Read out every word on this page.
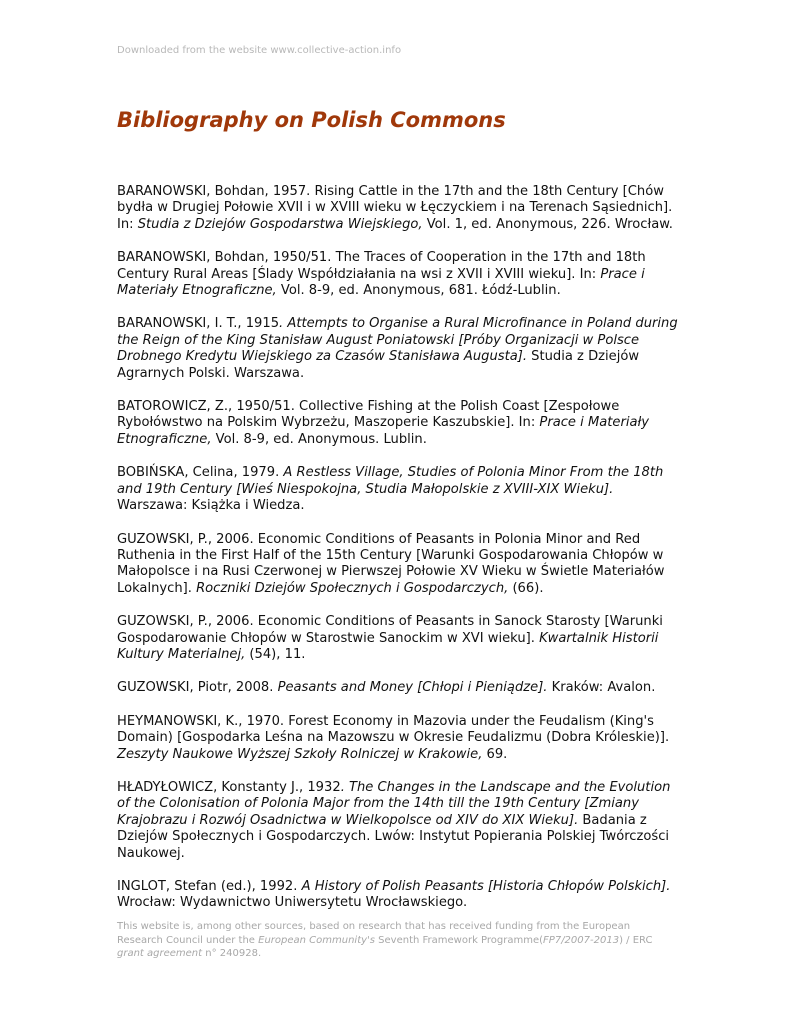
Downloaded from the website www.collective-action.info
Bibliography on Polish Commons

BARANOWSKI, Bohdan, 1957. Rising Cattle in the 17th and the 18th Century [Chów bydła w Drugiej Połowie XVII i w XVIII wieku w Łęczyckiem i na Terenach Sąsiednich]. In: Studia z Dziejów Gospodarstwa Wiejskiego, Vol. 1, ed. Anonymous, 226. Wrocław.

BARANOWSKI, Bohdan, 1950/51. The Traces of Cooperation in the 17th and 18th Century Rural Areas [Ślady Współdziałania na wsi z XVII i XVIII wieku]. In: Prace i Materiały Etnograficzne, Vol. 8-9, ed. Anonymous, 681. Łódź-Lublin.

BARANOWSKI, I. T., 1915. Attempts to Organise a Rural Microfinance in Poland during the Reign of the King Stanisław August Poniatowski [Próby Organizacji w Polsce Drobnego Kredytu Wiejskiego za Czasów Stanisława Augusta]. Studia z Dziejów Agrarnych Polski. Warszawa.

BATOROWICZ, Z., 1950/51. Collective Fishing at the Polish Coast [Zespołowe Rybołówstwo na Polskim Wybrzeżu, Maszoperie Kaszubskie]. In: Prace i Materiały Etnograficzne, Vol. 8-9, ed. Anonymous. Lublin.

BOBIŃSKA, Celina, 1979. A Restless Village, Studies of Polonia Minor From the 18th and 19th Century [Wieś Niespokojna, Studia Małopolskie z XVIII-XIX Wieku]. Warszawa: Książka i Wiedza.

GUZOWSKI, P., 2006. Economic Conditions of Peasants in Polonia Minor and Red Ruthenia in the First Half of the 15th Century [Warunki Gospodarowania Chłopów w Małopolsce i na Rusi Czerwonej w Pierwszej Połowie XV Wieku w Świetle Materiałów Lokalnych]. Roczniki Dziejów Społecznych i Gospodarczych, (66).

GUZOWSKI, P., 2006. Economic Conditions of Peasants in Sanock Starosty [Warunki Gospodarowanie Chłopów w Starostwie Sanockim w XVI wieku]. Kwartalnik Historii Kultury Materialnej, (54), 11.

GUZOWSKI, Piotr, 2008. Peasants and Money [Chłopi i Pieniądze]. Kraków: Avalon.

HEYMANOWSKI, K., 1970. Forest Economy in Mazovia under the Feudalism (King's Domain) [Gospodarka Leśna na Mazowszu w Okresie Feudalizmu (Dobra Króleskie)]. Zeszyty Naukowe Wyższej Szkoły Rolniczej w Krakowie, 69.

HŁADYŁOWICZ, Konstanty J., 1932. The Changes in the Landscape and the Evolution of the Colonisation of Polonia Major from the 14th till the 19th Century [Zmiany Krajobrazu i Rozwój Osadnictwa w Wielkopolsce od XIV do XIX Wieku]. Badania z Dziejów Społecznych i Gospodarczych. Lwów: Instytut Popierania Polskiej Twórczości Naukowej.

INGLOT, Stefan (ed.), 1992. A History of Polish Peasants [Historia Chłopów Polskich]. Wrocław: Wydawnictwo Uniwersytetu Wrocławskiego.

This website is, among other sources, based on research that has received funding from the European Research Council under the European Community's Seventh Framework Programme(FP7/2007-2013) / ERC grant agreement n° 240928.
